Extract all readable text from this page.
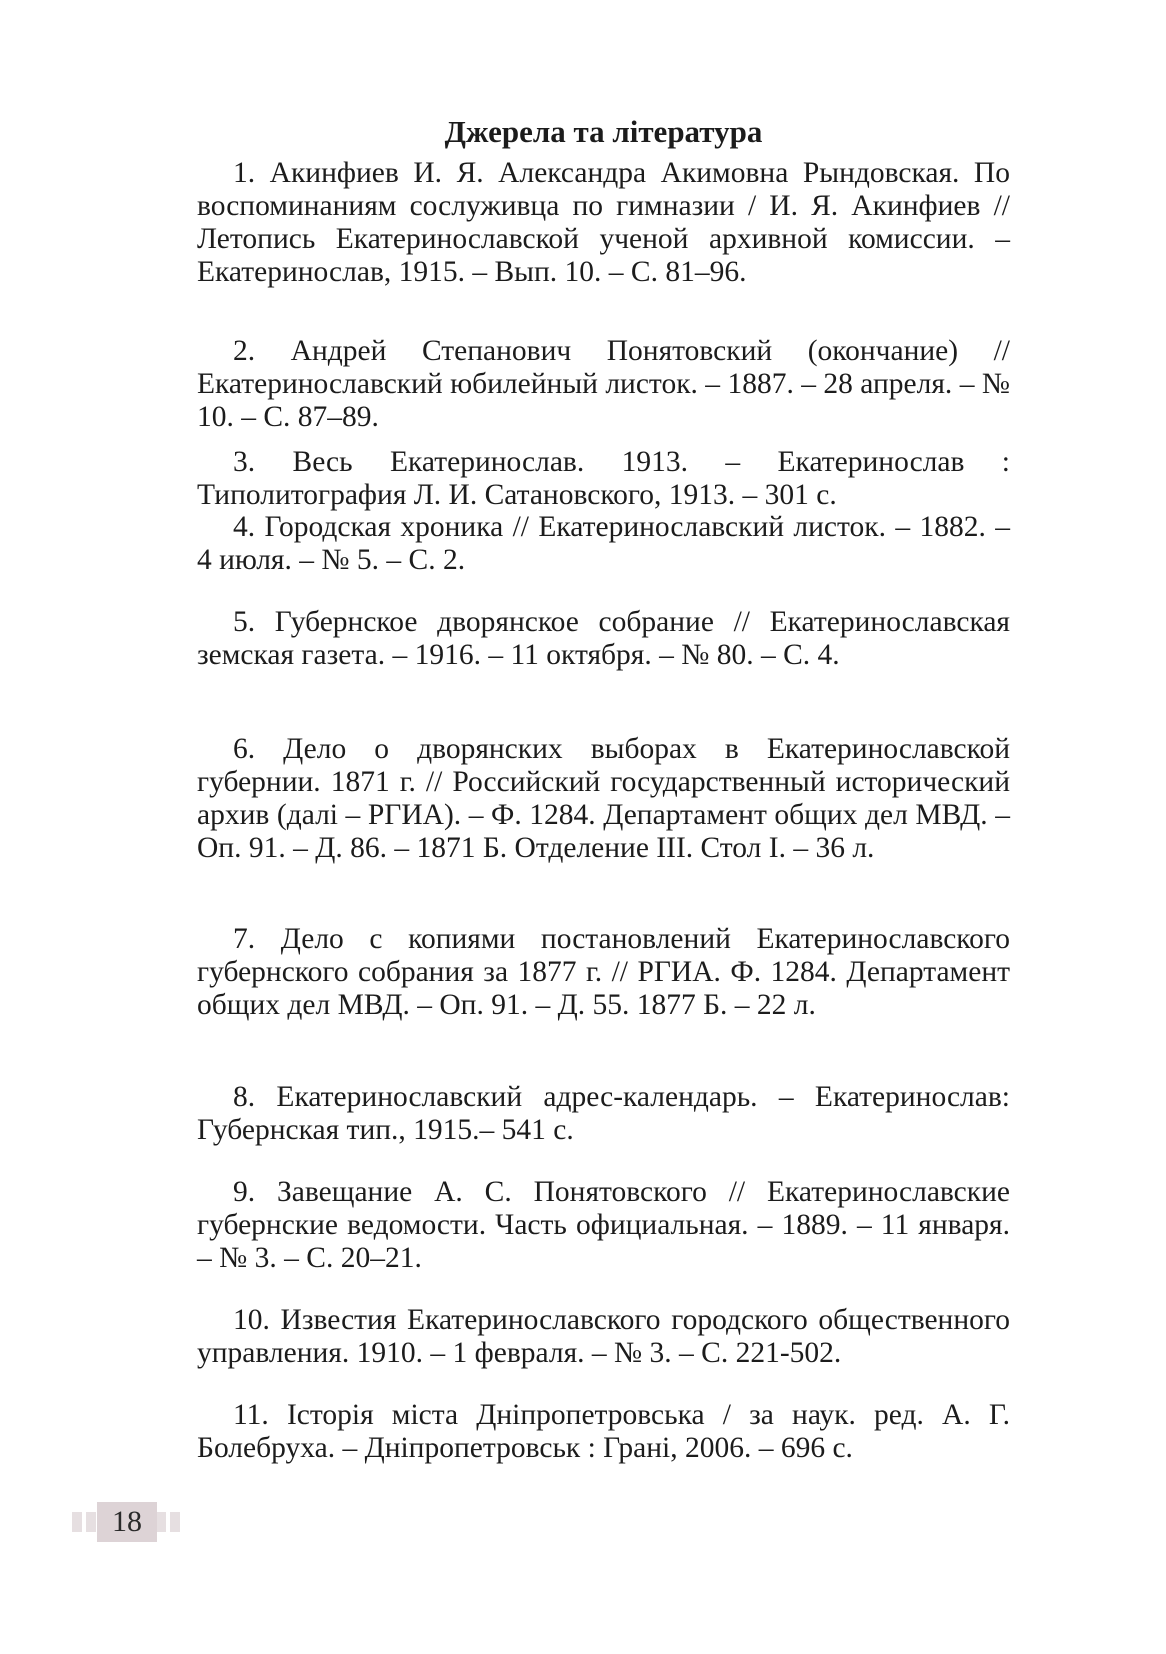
Джерела та література

1. Акинфиев И. Я. Александра Акимовна Рындовская. По воспоминаниям сослуживца по гимназии / И. Я. Акинфиев // Летопись Екатеринославской ученой архивной комиссии. – Екатеринослав, 1915. – Вып. 10. – С. 81–96.

2. Андрей Степанович Понятовский (окончание) // Екатеринославский юбилейный листок. – 1887. – 28 апреля. – № 10. – С. 87–89.

3. Весь Екатеринослав. 1913. – Екатеринослав : Типолитография Л. И. Сатановского, 1913. – 301 с.

4. Городская хроника // Екатеринославский листок. – 1882. – 4 июля. – № 5. – С. 2.

5. Губернское дворянское собрание // Екатеринославская земская газета. – 1916. – 11 октября. – № 80. – С. 4.

6. Дело о дворянских выборах в Екатеринославской губернии. 1871 г. // Российский государственный исторический архив (далі – РГИА). – Ф. 1284. Департамент общих дел МВД. – Оп. 91. – Д. 86. – 1871 Б. Отделение ІІІ. Стол І. – 36 л.

7. Дело с копиями постановлений Екатеринославского губернского собрания за 1877 г. // РГИА. Ф. 1284. Департамент общих дел МВД. – Оп. 91. – Д. 55. 1877 Б. – 22 л.

8. Екатеринославский адрес-календарь. – Екатеринослав: Губернская тип., 1915.– 541 с.

9. Завещание А. С. Понятовского // Екатеринославские губернские ведомости. Часть официальная. – 1889. – 11 января. – № 3. – С. 20–21.

10. Известия Екатеринославского городского общественного управления. 1910. – 1 февраля. – № 3. – С. 221-502.

11. Історія міста Дніпропетровська / за наук. ред. А. Г. Болебруха. – Дніпропетровськ : Грані, 2006. – 696 с.

18
